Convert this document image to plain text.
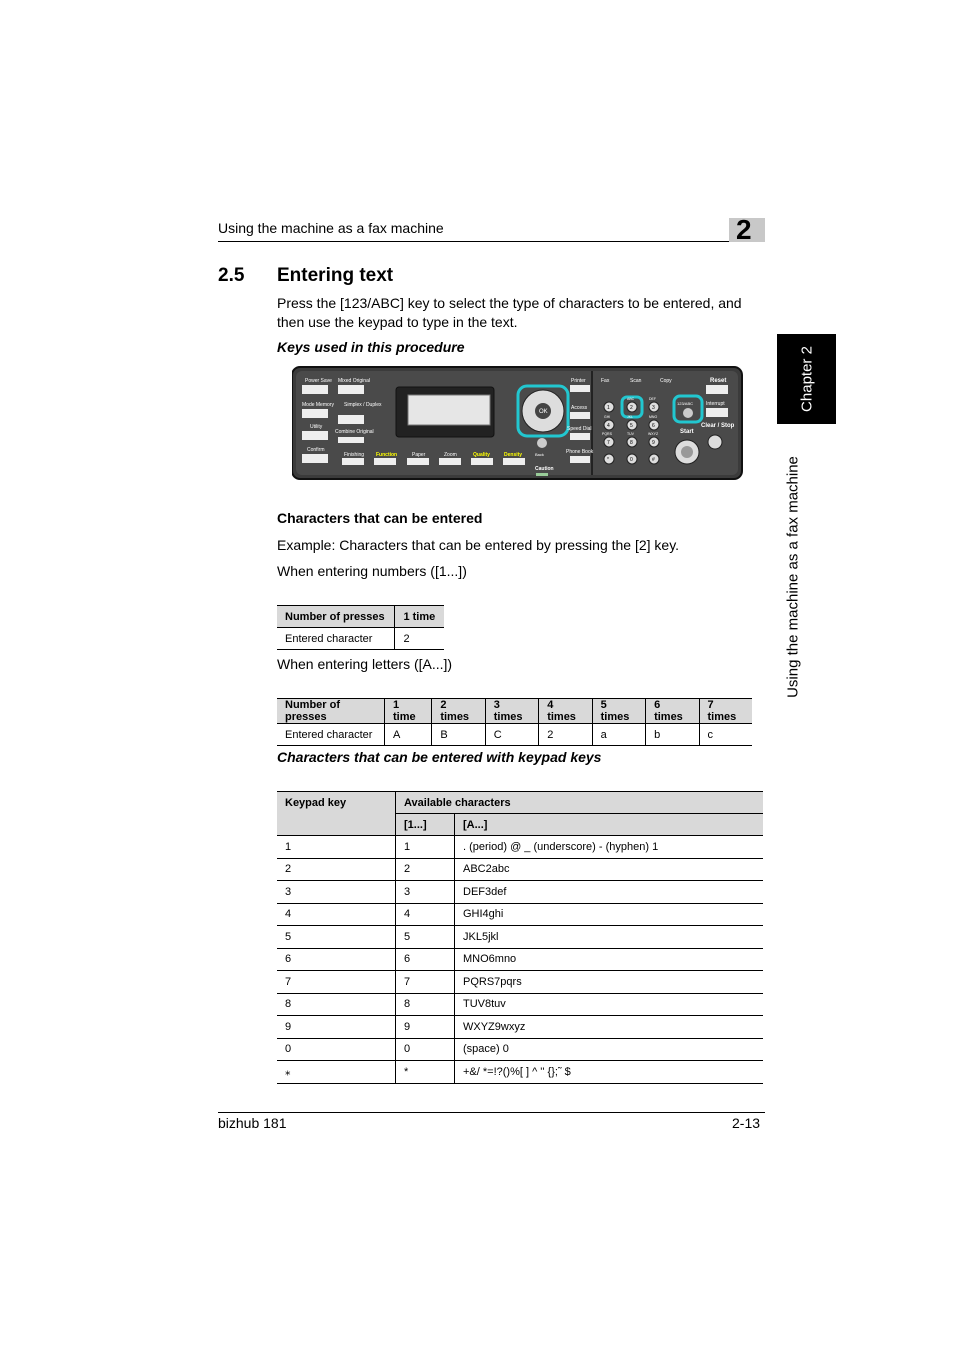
Using the machine as a fax machine	2
Chapter 2
Using the machine as a fax machine
2.5 Entering text
Press the [123/ABC] key to select the type of characters to be entered, and then use the keypad to type in the text.
Keys used in this procedure
Power Save Mixed Original
Mode Memory Simplex / Duplex
Utility
Combine Original
Confirm
Finishing Function	Paper	Zoom	Quality	Density
OK
Back
Caution
Printer
Access
Speed Dial
Phone Book
Fax	Scan	Copy	Reset
Interrupt
Clear / Stop
Start
123/ABC
1	2	3
4	5	6
7	8	9
*	0	#
ABC	DEF
GHI	JKL	MNO
PQRS	TUV	WXYZ
Characters that can be entered
Example: Characters that can be entered by pressing the [2] key.
When entering numbers ([1...])
Number of presses	1 time
Entered character	2
When entering letters ([A...])
Number of presses	1 time	2 times	3 times	4 times	5 times	6 times	7 times
Entered character	A	B	C	2	a	b	c
Characters that can be entered with keypad keys
Keypad key	Available characters	
	[1...]	[A...]
1	1	. (period) @ _ (underscore) - (hyphen) 1
2	2	ABC2abc
3	3	DEF3def
4	4	GHI4ghi
5	5	JKL5jkl
6	6	MNO6mno
7	7	PQRS7pqrs
8	8	TUV8tuv
9	9	WXYZ9wxyz
0	0	(space) 0
⁎	*	+&/ *=!?()%[ ] ^ '' {};˜ $
bizhub 181	2-13
